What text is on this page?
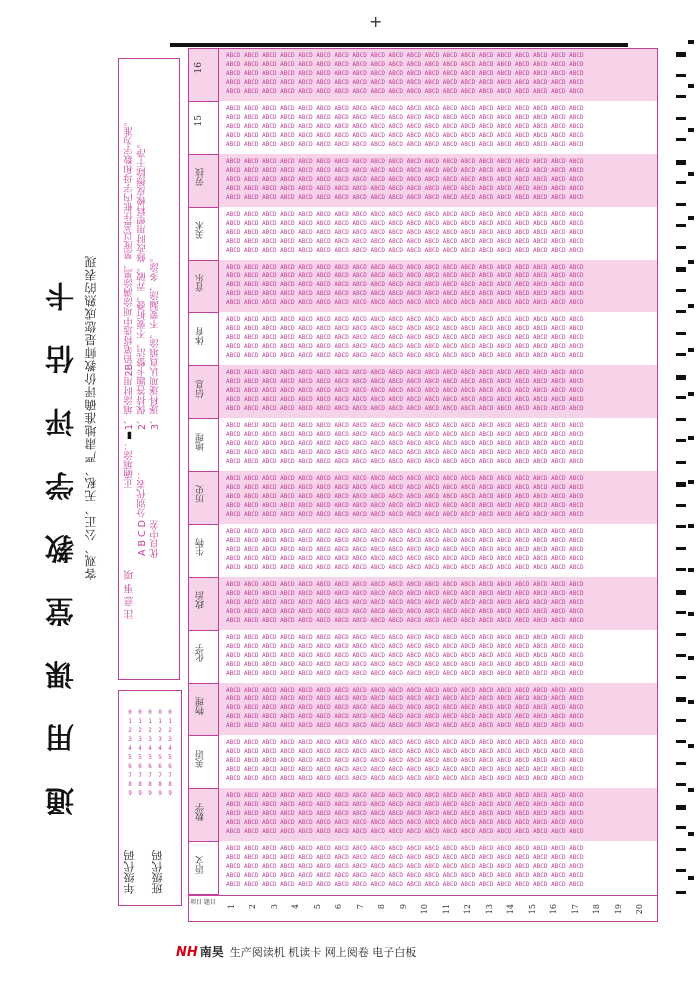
+
通 用 课 堂 教 学 评 估 卡 客观、公正、无私、严肃地准确评价教师是您成熟的表现
注 意 事 项
正确填涂：▮
A B C D 优良中差
分别代表：
1、填涂时用2B铅笔将选中项涂满涂黑，黑度以盖住框内字母和数字为准。 2、保持答题卡整洁，不要折叠，弄破。修改时用塑料橡皮擦除干净。 3、逐科逐项认真填涂，不要漏涂，多涂。
年级代码 班级代码
0
1
2
3
4
5
6
7
8
9
0
1
2
3
4
5
6
7
8
9
0
1
2
3
4
5
6
7
8
9
0
1
2
3
4
5
6
7
8
9
0
1
2
3
4
5
6
7
8
9
语文
ABCD ABCD ABCD ABCD ABCD ABCD ABCD ABCD ABCD ABCD ABCD ABCD ABCD ABCD ABCD ABCD ABCD ABCD ABCD ABCD
ABCD ABCD ABCD ABCD ABCD ABCD ABCD ABCD ABCD ABCD ABCD ABCD ABCD ABCD ABCD ABCD ABCD ABCD ABCD ABCD
ABCD ABCD ABCD ABCD ABCD ABCD ABCD ABCD ABCD ABCD ABCD ABCD ABCD ABCD ABCD ABCD ABCD ABCD ABCD ABCD
ABCD ABCD ABCD ABCD ABCD ABCD ABCD ABCD ABCD ABCD ABCD ABCD ABCD ABCD ABCD ABCD ABCD ABCD ABCD ABCD
ABCD ABCD ABCD ABCD ABCD ABCD ABCD ABCD ABCD ABCD ABCD ABCD ABCD ABCD ABCD ABCD ABCD ABCD ABCD ABCD
数学
ABCD ABCD ABCD ABCD ABCD ABCD ABCD ABCD ABCD ABCD ABCD ABCD ABCD ABCD ABCD ABCD ABCD ABCD ABCD ABCD
ABCD ABCD ABCD ABCD ABCD ABCD ABCD ABCD ABCD ABCD ABCD ABCD ABCD ABCD ABCD ABCD ABCD ABCD ABCD ABCD
ABCD ABCD ABCD ABCD ABCD ABCD ABCD ABCD ABCD ABCD ABCD ABCD ABCD ABCD ABCD ABCD ABCD ABCD ABCD ABCD
ABCD ABCD ABCD ABCD ABCD ABCD ABCD ABCD ABCD ABCD ABCD ABCD ABCD ABCD ABCD ABCD ABCD ABCD ABCD ABCD
ABCD ABCD ABCD ABCD ABCD ABCD ABCD ABCD ABCD ABCD ABCD ABCD ABCD ABCD ABCD ABCD ABCD ABCD ABCD ABCD
英语
ABCD ABCD ABCD ABCD ABCD ABCD ABCD ABCD ABCD ABCD ABCD ABCD ABCD ABCD ABCD ABCD ABCD ABCD ABCD ABCD
ABCD ABCD ABCD ABCD ABCD ABCD ABCD ABCD ABCD ABCD ABCD ABCD ABCD ABCD ABCD ABCD ABCD ABCD ABCD ABCD
ABCD ABCD ABCD ABCD ABCD ABCD ABCD ABCD ABCD ABCD ABCD ABCD ABCD ABCD ABCD ABCD ABCD ABCD ABCD ABCD
ABCD ABCD ABCD ABCD ABCD ABCD ABCD ABCD ABCD ABCD ABCD ABCD ABCD ABCD ABCD ABCD ABCD ABCD ABCD ABCD
ABCD ABCD ABCD ABCD ABCD ABCD ABCD ABCD ABCD ABCD ABCD ABCD ABCD ABCD ABCD ABCD ABCD ABCD ABCD ABCD
物理
ABCD ABCD ABCD ABCD ABCD ABCD ABCD ABCD ABCD ABCD ABCD ABCD ABCD ABCD ABCD ABCD ABCD ABCD ABCD ABCD
ABCD ABCD ABCD ABCD ABCD ABCD ABCD ABCD ABCD ABCD ABCD ABCD ABCD ABCD ABCD ABCD ABCD ABCD ABCD ABCD
ABCD ABCD ABCD ABCD ABCD ABCD ABCD ABCD ABCD ABCD ABCD ABCD ABCD ABCD ABCD ABCD ABCD ABCD ABCD ABCD
ABCD ABCD ABCD ABCD ABCD ABCD ABCD ABCD ABCD ABCD ABCD ABCD ABCD ABCD ABCD ABCD ABCD ABCD ABCD ABCD
ABCD ABCD ABCD ABCD ABCD ABCD ABCD ABCD ABCD ABCD ABCD ABCD ABCD ABCD ABCD ABCD ABCD ABCD ABCD ABCD
化学
ABCD ABCD ABCD ABCD ABCD ABCD ABCD ABCD ABCD ABCD ABCD ABCD ABCD ABCD ABCD ABCD ABCD ABCD ABCD ABCD
ABCD ABCD ABCD ABCD ABCD ABCD ABCD ABCD ABCD ABCD ABCD ABCD ABCD ABCD ABCD ABCD ABCD ABCD ABCD ABCD
ABCD ABCD ABCD ABCD ABCD ABCD ABCD ABCD ABCD ABCD ABCD ABCD ABCD ABCD ABCD ABCD ABCD ABCD ABCD ABCD
ABCD ABCD ABCD ABCD ABCD ABCD ABCD ABCD ABCD ABCD ABCD ABCD ABCD ABCD ABCD ABCD ABCD ABCD ABCD ABCD
ABCD ABCD ABCD ABCD ABCD ABCD ABCD ABCD ABCD ABCD ABCD ABCD ABCD ABCD ABCD ABCD ABCD ABCD ABCD ABCD
政治
ABCD ABCD ABCD ABCD ABCD ABCD ABCD ABCD ABCD ABCD ABCD ABCD ABCD ABCD ABCD ABCD ABCD ABCD ABCD ABCD
ABCD ABCD ABCD ABCD ABCD ABCD ABCD ABCD ABCD ABCD ABCD ABCD ABCD ABCD ABCD ABCD ABCD ABCD ABCD ABCD
ABCD ABCD ABCD ABCD ABCD ABCD ABCD ABCD ABCD ABCD ABCD ABCD ABCD ABCD ABCD ABCD ABCD ABCD ABCD ABCD
ABCD ABCD ABCD ABCD ABCD ABCD ABCD ABCD ABCD ABCD ABCD ABCD ABCD ABCD ABCD ABCD ABCD ABCD ABCD ABCD
ABCD ABCD ABCD ABCD ABCD ABCD ABCD ABCD ABCD ABCD ABCD ABCD ABCD ABCD ABCD ABCD ABCD ABCD ABCD ABCD
生物
ABCD ABCD ABCD ABCD ABCD ABCD ABCD ABCD ABCD ABCD ABCD ABCD ABCD ABCD ABCD ABCD ABCD ABCD ABCD ABCD
ABCD ABCD ABCD ABCD ABCD ABCD ABCD ABCD ABCD ABCD ABCD ABCD ABCD ABCD ABCD ABCD ABCD ABCD ABCD ABCD
ABCD ABCD ABCD ABCD ABCD ABCD ABCD ABCD ABCD ABCD ABCD ABCD ABCD ABCD ABCD ABCD ABCD ABCD ABCD ABCD
ABCD ABCD ABCD ABCD ABCD ABCD ABCD ABCD ABCD ABCD ABCD ABCD ABCD ABCD ABCD ABCD ABCD ABCD ABCD ABCD
ABCD ABCD ABCD ABCD ABCD ABCD ABCD ABCD ABCD ABCD ABCD ABCD ABCD ABCD ABCD ABCD ABCD ABCD ABCD ABCD
历史
ABCD ABCD ABCD ABCD ABCD ABCD ABCD ABCD ABCD ABCD ABCD ABCD ABCD ABCD ABCD ABCD ABCD ABCD ABCD ABCD
ABCD ABCD ABCD ABCD ABCD ABCD ABCD ABCD ABCD ABCD ABCD ABCD ABCD ABCD ABCD ABCD ABCD ABCD ABCD ABCD
ABCD ABCD ABCD ABCD ABCD ABCD ABCD ABCD ABCD ABCD ABCD ABCD ABCD ABCD ABCD ABCD ABCD ABCD ABCD ABCD
ABCD ABCD ABCD ABCD ABCD ABCD ABCD ABCD ABCD ABCD ABCD ABCD ABCD ABCD ABCD ABCD ABCD ABCD ABCD ABCD
ABCD ABCD ABCD ABCD ABCD ABCD ABCD ABCD ABCD ABCD ABCD ABCD ABCD ABCD ABCD ABCD ABCD ABCD ABCD ABCD
地理
ABCD ABCD ABCD ABCD ABCD ABCD ABCD ABCD ABCD ABCD ABCD ABCD ABCD ABCD ABCD ABCD ABCD ABCD ABCD ABCD
ABCD ABCD ABCD ABCD ABCD ABCD ABCD ABCD ABCD ABCD ABCD ABCD ABCD ABCD ABCD ABCD ABCD ABCD ABCD ABCD
ABCD ABCD ABCD ABCD ABCD ABCD ABCD ABCD ABCD ABCD ABCD ABCD ABCD ABCD ABCD ABCD ABCD ABCD ABCD ABCD
ABCD ABCD ABCD ABCD ABCD ABCD ABCD ABCD ABCD ABCD ABCD ABCD ABCD ABCD ABCD ABCD ABCD ABCD ABCD ABCD
ABCD ABCD ABCD ABCD ABCD ABCD ABCD ABCD ABCD ABCD ABCD ABCD ABCD ABCD ABCD ABCD ABCD ABCD ABCD ABCD
信息
ABCD ABCD ABCD ABCD ABCD ABCD ABCD ABCD ABCD ABCD ABCD ABCD ABCD ABCD ABCD ABCD ABCD ABCD ABCD ABCD
ABCD ABCD ABCD ABCD ABCD ABCD ABCD ABCD ABCD ABCD ABCD ABCD ABCD ABCD ABCD ABCD ABCD ABCD ABCD ABCD
ABCD ABCD ABCD ABCD ABCD ABCD ABCD ABCD ABCD ABCD ABCD ABCD ABCD ABCD ABCD ABCD ABCD ABCD ABCD ABCD
ABCD ABCD ABCD ABCD ABCD ABCD ABCD ABCD ABCD ABCD ABCD ABCD ABCD ABCD ABCD ABCD ABCD ABCD ABCD ABCD
ABCD ABCD ABCD ABCD ABCD ABCD ABCD ABCD ABCD ABCD ABCD ABCD ABCD ABCD ABCD ABCD ABCD ABCD ABCD ABCD
体育
ABCD ABCD ABCD ABCD ABCD ABCD ABCD ABCD ABCD ABCD ABCD ABCD ABCD ABCD ABCD ABCD ABCD ABCD ABCD ABCD
ABCD ABCD ABCD ABCD ABCD ABCD ABCD ABCD ABCD ABCD ABCD ABCD ABCD ABCD ABCD ABCD ABCD ABCD ABCD ABCD
ABCD ABCD ABCD ABCD ABCD ABCD ABCD ABCD ABCD ABCD ABCD ABCD ABCD ABCD ABCD ABCD ABCD ABCD ABCD ABCD
ABCD ABCD ABCD ABCD ABCD ABCD ABCD ABCD ABCD ABCD ABCD ABCD ABCD ABCD ABCD ABCD ABCD ABCD ABCD ABCD
ABCD ABCD ABCD ABCD ABCD ABCD ABCD ABCD ABCD ABCD ABCD ABCD ABCD ABCD ABCD ABCD ABCD ABCD ABCD ABCD
音乐
ABCD ABCD ABCD ABCD ABCD ABCD ABCD ABCD ABCD ABCD ABCD ABCD ABCD ABCD ABCD ABCD ABCD ABCD ABCD ABCD
ABCD ABCD ABCD ABCD ABCD ABCD ABCD ABCD ABCD ABCD ABCD ABCD ABCD ABCD ABCD ABCD ABCD ABCD ABCD ABCD
ABCD ABCD ABCD ABCD ABCD ABCD ABCD ABCD ABCD ABCD ABCD ABCD ABCD ABCD ABCD ABCD ABCD ABCD ABCD ABCD
ABCD ABCD ABCD ABCD ABCD ABCD ABCD ABCD ABCD ABCD ABCD ABCD ABCD ABCD ABCD ABCD ABCD ABCD ABCD ABCD
ABCD ABCD ABCD ABCD ABCD ABCD ABCD ABCD ABCD ABCD ABCD ABCD ABCD ABCD ABCD ABCD ABCD ABCD ABCD ABCD
美术
ABCD ABCD ABCD ABCD ABCD ABCD ABCD ABCD ABCD ABCD ABCD ABCD ABCD ABCD ABCD ABCD ABCD ABCD ABCD ABCD
ABCD ABCD ABCD ABCD ABCD ABCD ABCD ABCD ABCD ABCD ABCD ABCD ABCD ABCD ABCD ABCD ABCD ABCD ABCD ABCD
ABCD ABCD ABCD ABCD ABCD ABCD ABCD ABCD ABCD ABCD ABCD ABCD ABCD ABCD ABCD ABCD ABCD ABCD ABCD ABCD
ABCD ABCD ABCD ABCD ABCD ABCD ABCD ABCD ABCD ABCD ABCD ABCD ABCD ABCD ABCD ABCD ABCD ABCD ABCD ABCD
ABCD ABCD ABCD ABCD ABCD ABCD ABCD ABCD ABCD ABCD ABCD ABCD ABCD ABCD ABCD ABCD ABCD ABCD ABCD ABCD
劳技
ABCD ABCD ABCD ABCD ABCD ABCD ABCD ABCD ABCD ABCD ABCD ABCD ABCD ABCD ABCD ABCD ABCD ABCD ABCD ABCD
ABCD ABCD ABCD ABCD ABCD ABCD ABCD ABCD ABCD ABCD ABCD ABCD ABCD ABCD ABCD ABCD ABCD ABCD ABCD ABCD
ABCD ABCD ABCD ABCD ABCD ABCD ABCD ABCD ABCD ABCD ABCD ABCD ABCD ABCD ABCD ABCD ABCD ABCD ABCD ABCD
ABCD ABCD ABCD ABCD ABCD ABCD ABCD ABCD ABCD ABCD ABCD ABCD ABCD ABCD ABCD ABCD ABCD ABCD ABCD ABCD
ABCD ABCD ABCD ABCD ABCD ABCD ABCD ABCD ABCD ABCD ABCD ABCD ABCD ABCD ABCD ABCD ABCD ABCD ABCD ABCD
15
ABCD ABCD ABCD ABCD ABCD ABCD ABCD ABCD ABCD ABCD ABCD ABCD ABCD ABCD ABCD ABCD ABCD ABCD ABCD ABCD
ABCD ABCD ABCD ABCD ABCD ABCD ABCD ABCD ABCD ABCD ABCD ABCD ABCD ABCD ABCD ABCD ABCD ABCD ABCD ABCD
ABCD ABCD ABCD ABCD ABCD ABCD ABCD ABCD ABCD ABCD ABCD ABCD ABCD ABCD ABCD ABCD ABCD ABCD ABCD ABCD
ABCD ABCD ABCD ABCD ABCD ABCD ABCD ABCD ABCD ABCD ABCD ABCD ABCD ABCD ABCD ABCD ABCD ABCD ABCD ABCD
ABCD ABCD ABCD ABCD ABCD ABCD ABCD ABCD ABCD ABCD ABCD ABCD ABCD ABCD ABCD ABCD ABCD ABCD ABCD ABCD
16
ABCD ABCD ABCD ABCD ABCD ABCD ABCD ABCD ABCD ABCD ABCD ABCD ABCD ABCD ABCD ABCD ABCD ABCD ABCD ABCD
ABCD ABCD ABCD ABCD ABCD ABCD ABCD ABCD ABCD ABCD ABCD ABCD ABCD ABCD ABCD ABCD ABCD ABCD ABCD ABCD
ABCD ABCD ABCD ABCD ABCD ABCD ABCD ABCD ABCD ABCD ABCD ABCD ABCD ABCD ABCD ABCD ABCD ABCD ABCD ABCD
ABCD ABCD ABCD ABCD ABCD ABCD ABCD ABCD ABCD ABCD ABCD ABCD ABCD ABCD ABCD ABCD ABCD ABCD ABCD ABCD
ABCD ABCD ABCD ABCD ABCD ABCD ABCD ABCD ABCD ABCD ABCD ABCD ABCD ABCD ABCD ABCD ABCD ABCD ABCD ABCD
项目 题目
1 2 3 4 5 6 7 8 9 10 11 12 13 14 15 16 17 18 19 20
NH 南昊 生产阅读机 机读卡 网上阅卷 电子白板
